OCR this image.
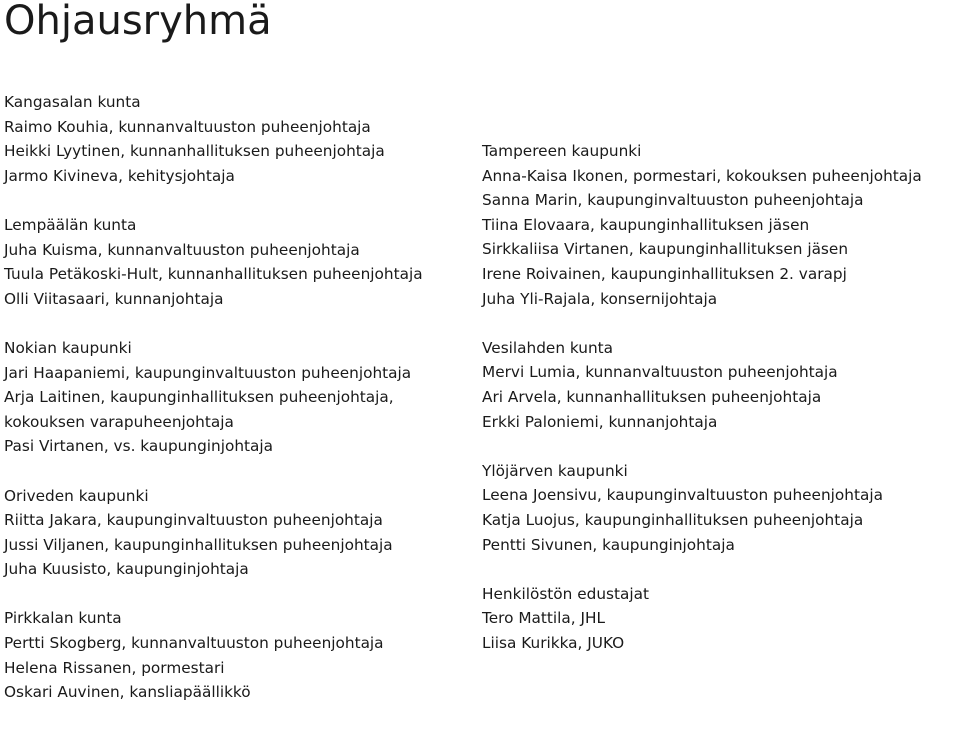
Ohjausryhmä
Kangasalan kunta
Raimo Kouhia, kunnanvaltuuston puheenjohtaja
Heikki Lyytinen, kunnanhallituksen puheenjohtaja
Jarmo Kivineva, kehitysjohtaja
Lempäälän kunta
Juha Kuisma, kunnanvaltuuston puheenjohtaja
Tuula Petäkoski-Hult, kunnanhallituksen puheenjohtaja
Olli Viitasaari, kunnanjohtaja
Nokian kaupunki
Jari Haapaniemi, kaupunginvaltuuston puheenjohtaja
Arja Laitinen, kaupunginhallituksen puheenjohtaja,
kokouksen varapuheenjohtaja
Pasi Virtanen, vs. kaupunginjohtaja
Oriveden kaupunki
Riitta Jakara, kaupunginvaltuuston puheenjohtaja
Jussi Viljanen, kaupunginhallituksen puheenjohtaja
Juha Kuusisto, kaupunginjohtaja
Pirkkalan kunta
Pertti Skogberg, kunnanvaltuuston puheenjohtaja
Helena Rissanen, pormestari
Oskari Auvinen, kansliapäällikkö
Tampereen kaupunki
Anna-Kaisa Ikonen, pormestari, kokouksen puheenjohtaja
Sanna Marin, kaupunginvaltuuston puheenjohtaja
Tiina Elovaara, kaupunginhallituksen jäsen
Sirkkaliisa Virtanen, kaupunginhallituksen jäsen
Irene Roivainen, kaupunginhallituksen 2. varapj
Juha Yli-Rajala, konsernijohtaja
Vesilahden kunta
Mervi Lumia, kunnanvaltuuston puheenjohtaja
Ari Arvela, kunnanhallituksen puheenjohtaja
Erkki Paloniemi, kunnanjohtaja
Ylöjärven kaupunki
Leena Joensivu, kaupunginvaltuuston puheenjohtaja
Katja Luojus, kaupunginhallituksen puheenjohtaja
Pentti Sivunen, kaupunginjohtaja
Henkilöstön edustajat
Tero Mattila, JHL
Liisa Kurikka, JUKO
